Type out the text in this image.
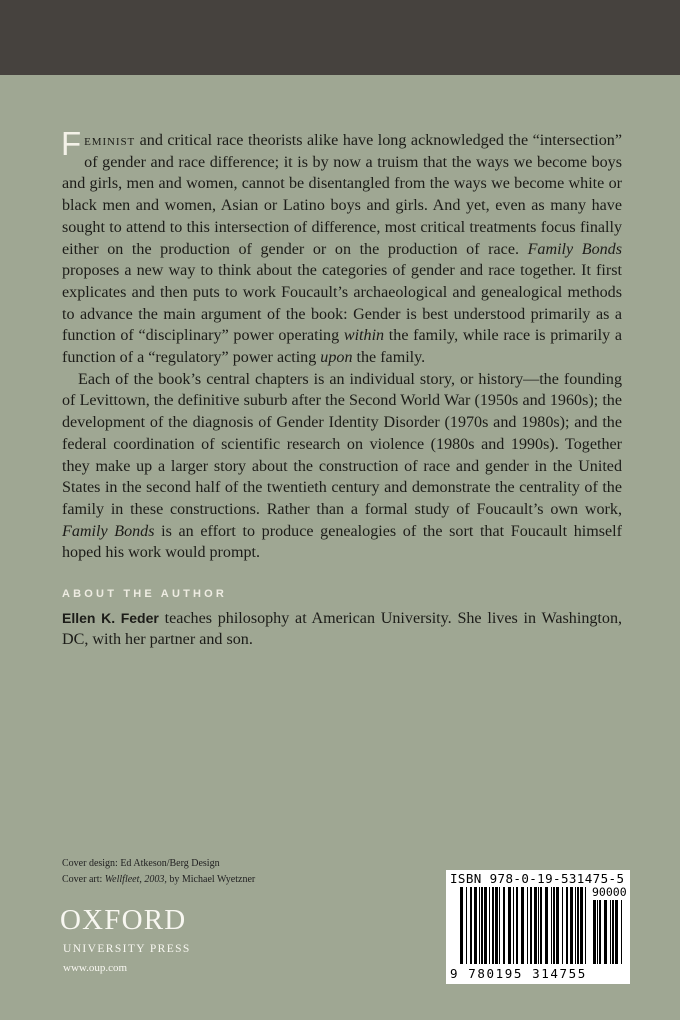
Feminist and critical race theorists alike have long acknowledged the “intersection” of gender and race difference; it is by now a truism that the ways we become boys and girls, men and women, cannot be disentangled from the ways we become white or black men and women, Asian or Latino boys and girls. And yet, even as many have sought to attend to this intersection of difference, most critical treatments focus finally either on the production of gender or on the production of race. Family Bonds proposes a new way to think about the categories of gender and race together. It first explicates and then puts to work Foucault’s archaeological and genealogical methods to advance the main argument of the book: Gender is best understood primarily as a function of “disciplinary” power operating within the family, while race is primarily a function of a “regulatory” power acting upon the family.

Each of the book’s central chapters is an individual story, or history—the founding of Levittown, the definitive suburb after the Second World War (1950s and 1960s); the development of the diagnosis of Gender Identity Disorder (1970s and 1980s); and the federal coordination of scientific research on violence (1980s and 1990s). Together they make up a larger story about the construction of race and gender in the United States in the second half of the twentieth century and demonstrate the centrality of the family in these constructions. Rather than a formal study of Foucault’s own work, Family Bonds is an effort to produce genealogies of the sort that Foucault himself hoped his work would prompt.

ABOUT THE AUTHOR

Ellen K. Feder teaches philosophy at American University. She lives in Washington, DC, with her partner and son.

Cover design: Ed Atkeson/Berg Design
Cover art: Wellfleet, 2003, by Michael Wyetzner
OXFORD
UNIVERSITY PRESS
www.oup.com
ISBN 978-0-19-531475-5
90000
9 780195 314755
